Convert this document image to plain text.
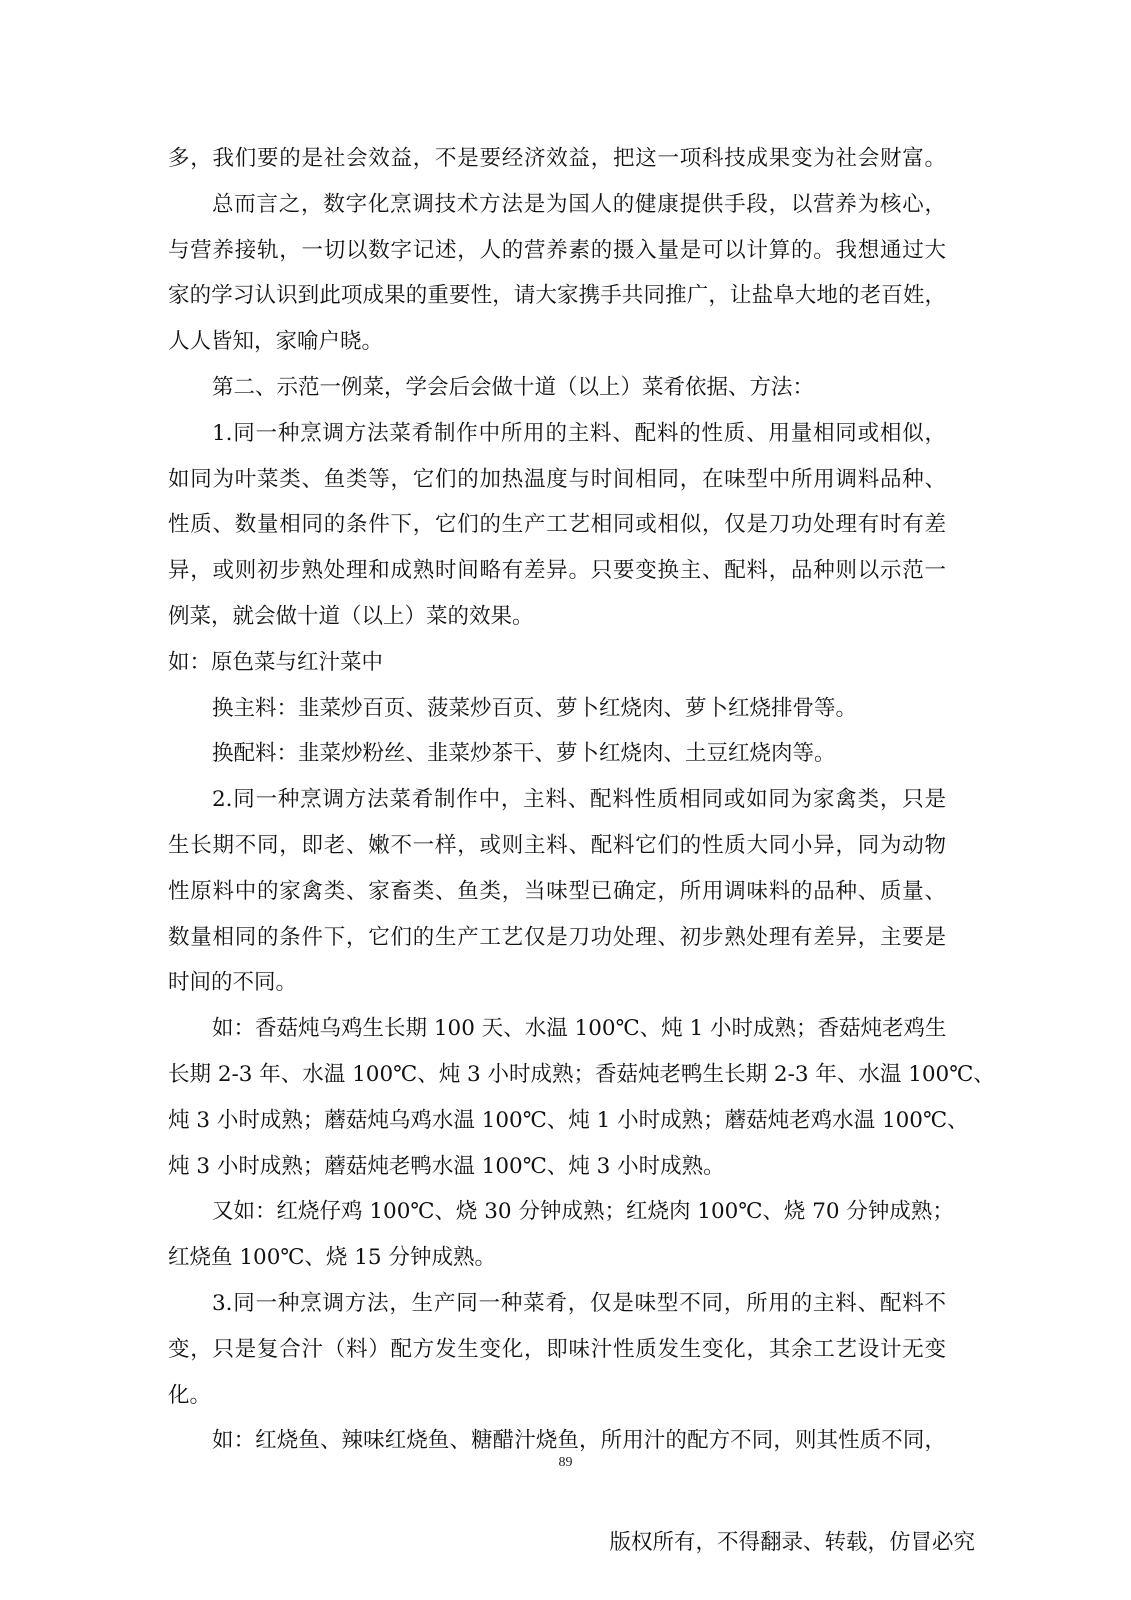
多，我们要的是社会效益，不是要经济效益，把这一项科技成果变为社会财富。
总而言之，数字化烹调技术方法是为国人的健康提供手段，以营养为核心，
与营养接轨，一切以数字记述，人的营养素的摄入量是可以计算的。我想通过大
家的学习认识到此项成果的重要性，请大家携手共同推广，让盐阜大地的老百姓，
人人皆知，家喻户晓。
第二、示范一例菜，学会后会做十道（以上）菜肴依据、方法：
1.同一种烹调方法菜肴制作中所用的主料、配料的性质、用量相同或相似，
如同为叶菜类、鱼类等，它们的加热温度与时间相同，在味型中所用调料品种、
性质、数量相同的条件下，它们的生产工艺相同或相似，仅是刀功处理有时有差
异，或则初步熟处理和成熟时间略有差异。只要变换主、配料，品种则以示范一
例菜，就会做十道（以上）菜的效果。
如：原色菜与红汁菜中
换主料：韭菜炒百页、菠菜炒百页、萝卜红烧肉、萝卜红烧排骨等。
换配料：韭菜炒粉丝、韭菜炒茶干、萝卜红烧肉、土豆红烧肉等。
2.同一种烹调方法菜肴制作中，主料、配料性质相同或如同为家禽类，只是
生长期不同，即老、嫩不一样，或则主料、配料它们的性质大同小异，同为动物
性原料中的家禽类、家畜类、鱼类，当味型已确定，所用调味料的品种、质量、
数量相同的条件下，它们的生产工艺仅是刀功处理、初步熟处理有差异，主要是
时间的不同。
如：香菇炖乌鸡生长期 100 天、水温 100℃、炖 1 小时成熟；香菇炖老鸡生
长期 2-3 年、水温 100℃、炖 3 小时成熟；香菇炖老鸭生长期 2-3 年、水温 100℃、
炖 3 小时成熟；蘑菇炖乌鸡水温 100℃、炖 1 小时成熟；蘑菇炖老鸡水温 100℃、
炖 3 小时成熟；蘑菇炖老鸭水温 100℃、炖 3 小时成熟。
又如：红烧仔鸡 100℃、烧 30 分钟成熟；红烧肉 100℃、烧 70 分钟成熟；
红烧鱼 100℃、烧 15 分钟成熟。
3.同一种烹调方法，生产同一种菜肴，仅是味型不同，所用的主料、配料不
变，只是复合汁（料）配方发生变化，即味汁性质发生变化，其余工艺设计无变
化。
如：红烧鱼、辣味红烧鱼、糖醋汁烧鱼，所用汁的配方不同，则其性质不同，
89
版权所有，不得翻录、转载，仿冒必究
